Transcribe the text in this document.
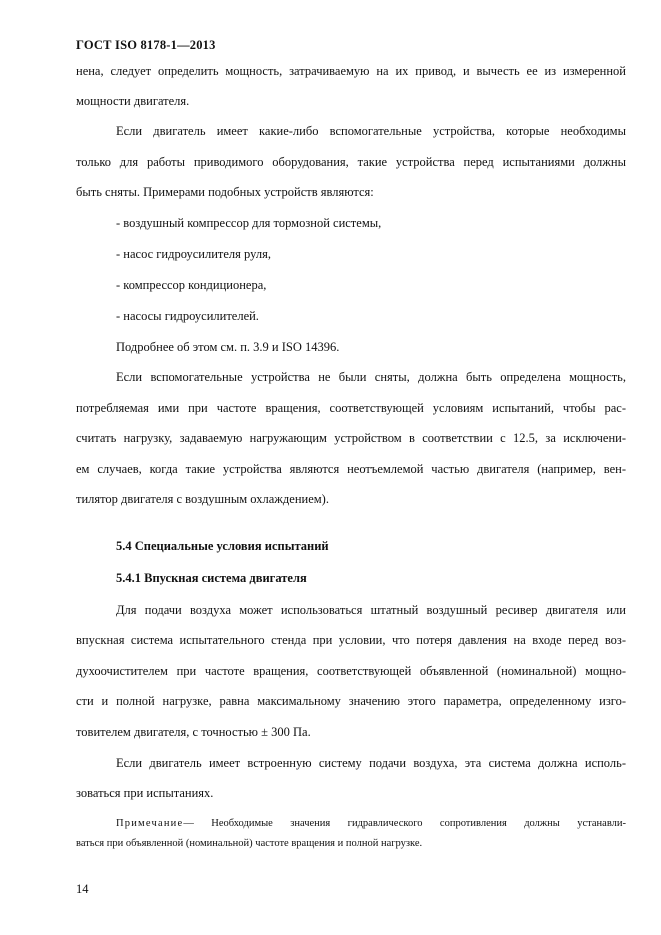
ГОСТ ISO 8178-1—2013
нена, следует определить мощность, затрачиваемую на их привод, и вычесть ее из измеренной
мощности двигателя.
Если двигатель имеет какие-либо вспомогательные устройства, которые необходимы
только для работы приводимого оборудования, такие устройства перед испытаниями должны
быть сняты. Примерами подобных устройств являются:
- воздушный компрессор для тормозной системы,
- насос гидроусилителя руля,
- компрессор кондиционера,
- насосы гидроусилителей.
Подробнее об этом см. п. 3.9 и ISO 14396.
Если вспомогательные устройства не были сняты, должна быть определена мощность,
потребляемая ими при частоте вращения, соответствующей условиям испытаний, чтобы рас-
считать нагрузку, задаваемую нагружающим устройством в соответствии с 12.5, за исключени-
ем случаев, когда такие устройства являются неотъемлемой частью двигателя (например, вен-
тилятор двигателя с воздушным охлаждением).
5.4 Специальные условия испытаний
5.4.1 Впускная система двигателя
Для подачи воздуха может использоваться штатный воздушный ресивер двигателя или
впускная система испытательного стенда при условии, что потеря давления на входе перед воз-
духоочистителем при частоте вращения, соответствующей объявленной (номинальной) мощно-
сти и полной нагрузке, равна максимальному значению этого параметра, определенному изго-
товителем двигателя, с точностью ± 300 Па.
Если двигатель имеет встроенную систему подачи воздуха, эта система должна исполь-
зоваться при испытаниях.
Примечание— Необходимые значения гидравлического сопротивления должны устанавли-
ваться при объявленной (номинальной) частоте вращения и полной нагрузке.
14
